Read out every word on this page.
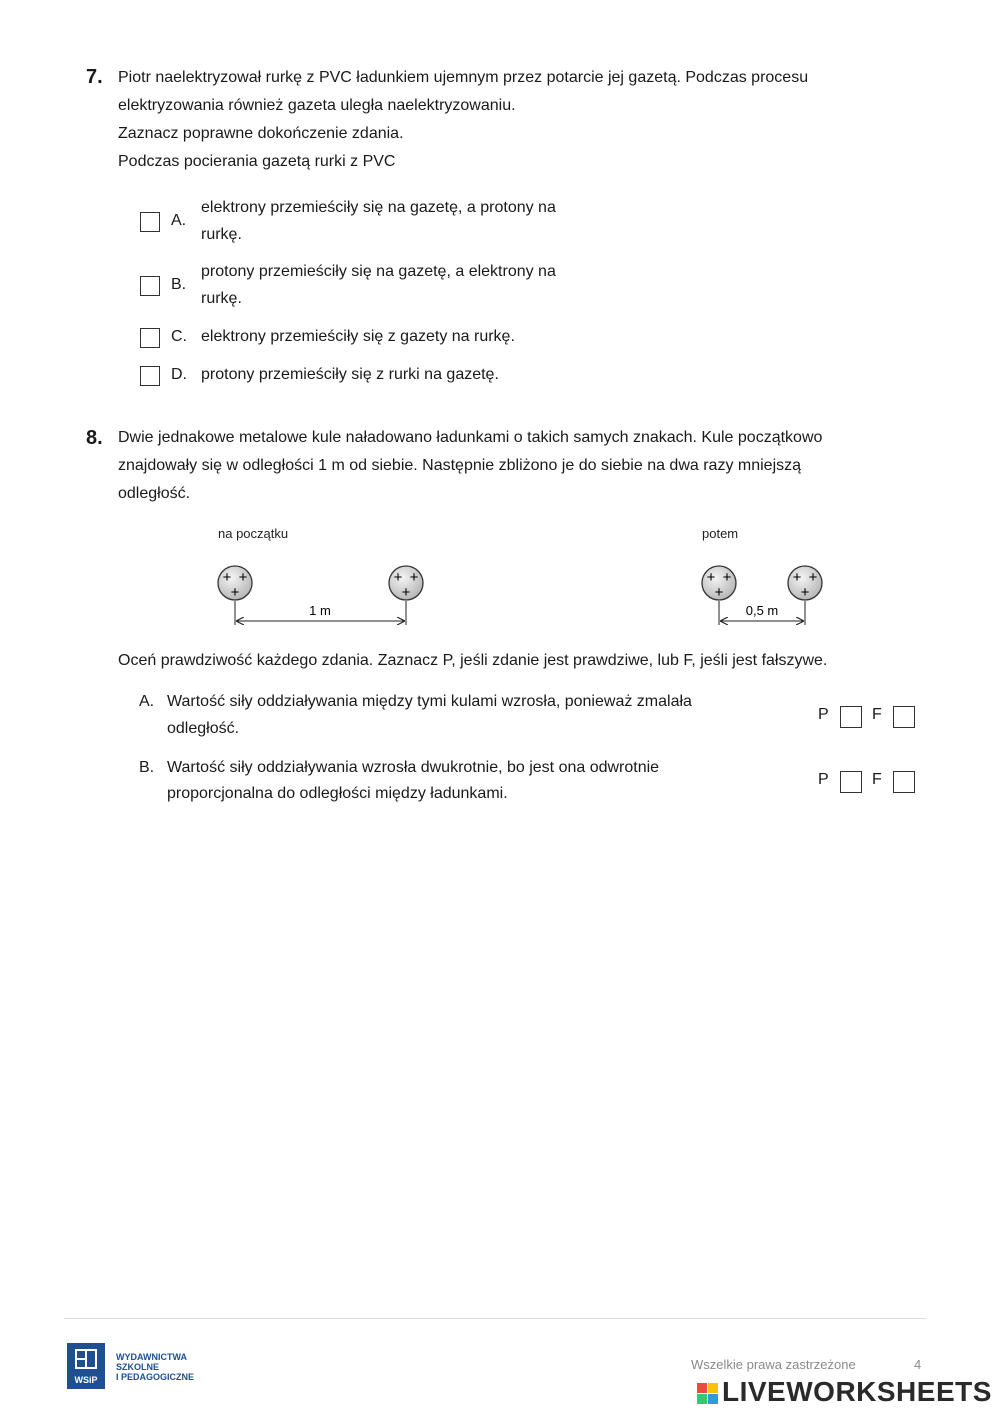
7. Piotr naelektryzował rurkę z PVC ładunkiem ujemnym przez potarcie jej gazetą. Podczas procesu
elektryzowania również gazeta uległa naelektryzowaniu.
Zaznacz poprawne dokończenie zdania.
Podczas pocierania gazetą rurki z PVC
A.
elektrony przemieściły się na gazetę, a protony na
rurkę.
B.
protony przemieściły się na gazetę, a elektrony na
rurkę.
C. elektrony przemieściły się z gazety na rurkę.
D. protony przemieściły się z rurki na gazetę.
8. Dwie jednakowe metalowe kule naładowano ładunkami o takich samych znakach. Kule początkowo
znajdowały się w odległości 1 m od siebie. Następnie zbliżono je do siebie na dwa razy mniejszą
odległość.
na początku	potem
+ +
+
+ +
+
1 m
+ +
+
+ +
+
0,5 m
Oceń prawdziwość każdego zdania. Zaznacz P, jeśli zdanie jest prawdziwe, lub F, jeśli jest fałszywe.
A. Wartość siły oddziaływania między tymi kulami wzrosła, ponieważ zmalała
odległość.
P	F
B. Wartość siły oddziaływania wzrosła dwukrotnie, bo jest ona odwrotnie
proporcjonalna do odległości między ładunkami.
P	F
WSiP
WYDAWNICTWA
SZKOLNE
I PEDAGOGICZNE
Wszelkie prawa zastrzeżone	4
LIVEWORKSHEETS
